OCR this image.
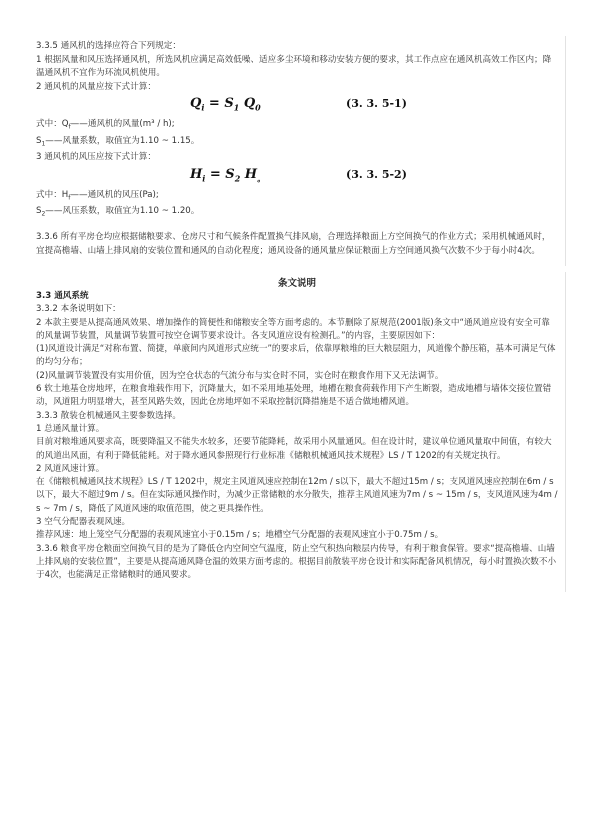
3.3.5 通风机的选择应符合下列规定：
1 根据风量和风压选择通风机，所选风机应满足高效低噪、适应多尘环境和移动安装方便的要求，其工作点应在通风机高效工作区内；降温通风机不宜作为环流风机使用。
2 通风机的风量应按下式计算：
$Q_i = S_1$ $Q_0$	(3. 3. 5-1)
式中：$Q_f——$通风机的风量(m³ / h);
$S_1——$风量系数，取值宜为1.10 ~ 1.15。
3 通风机的风压应按下式计算：
$H_i = S_2$ $H_。$	(3. 3. 5-2)
式中：$H_f——$通风机的风压(Pa);
$S_2——$风压系数，取值宜为1.10 ~ 1.20。
3.3.6 所有平房仓均应根据储粮要求、仓房尺寸和气候条件配置换气排风扇，合理选择粮面上方空间换气的作业方式；采用机械通风时，宜提高檐墙、山墙上排风扇的安装位置和通风的自动化程度；通风设备的通风量应保证粮面上方空间通风换气次数不少于每小时4次。
条文说明
3.3 通风系统
3.3.2 本条说明如下：
2 本款主要是从提高通风效果、增加操作的简便性和储粮安全等方面考虑的。本节删除了原规范(2001版)条文中“通风道应设有安全可靠的风量调节装置，风量调节装置可按空仓调节要求设计。各支风道应设有检测孔。”的内容，主要原因如下：
(1)风道设计满足“对称布置、简捷，单廒间内风道形式应统一”的要求后，依靠厚粮堆的巨大粮层阻力，风道像个静压箱，基本可满足气体的均匀分布；
(2)风量调节装置没有实用价值，因为空仓状态的气流分布与实仓时不同，实仓时在粮食作用下又无法调节。
6 软土地基仓房地坪，在粮食堆载作用下，沉降量大，如不采用地基处理，地槽在粮食荷载作用下产生断裂，造成地槽与墙体交接位置错动，风道阻力明显增大，甚至风路失效，因此仓房地坪如不采取控制沉降措施是不适合做地槽风道。
3.3.3 散装仓机械通风主要参数选择。
1 总通风量计算。
目前对粮堆通风要求高，既要降温又不能失水较多，还要节能降耗，故采用小风量通风。但在设计时，建议单位通风量取中间值，有较大的风道出风面，有利于降低能耗。对于降水通风参照现行行业标准《储粮机械通风技术规程》LS / T 1202的有关规定执行。
2 风道风速计算。
在《储粮机械通风技术规程》LS / T 1202中，规定主风道风速应控制在12m / s以下，最大不超过15m / s；支风道风速应控制在6m / s以下，最大不超过9m / s。但在实际通风操作时，为减少正常储粮的水分散失，推荐主风道风速为7m / s ~ 15m / s，支风道风速为4m / s ~ 7m / s，降低了风道风速的取值范围，使之更具操作性。
3 空气分配器表观风速。
推荐风速：地上笼空气分配器的表观风速宜小于0.15m / s；地槽空气分配器的表观风速宜小于0.75m / s。
3.3.6 粮食平房仓粮面空间换气目的是为了降低仓内空间空气温度，防止空气积热向粮层内传导，有利于粮食保管。要求“提高檐墙、山墙上排风扇的安装位置”，主要是从提高通风降仓温的效果方面考虑的。根据目前散装平房仓设计和实际配备风机情况，每小时置换次数不小于4次，也能满足正常储粮时的通风要求。
